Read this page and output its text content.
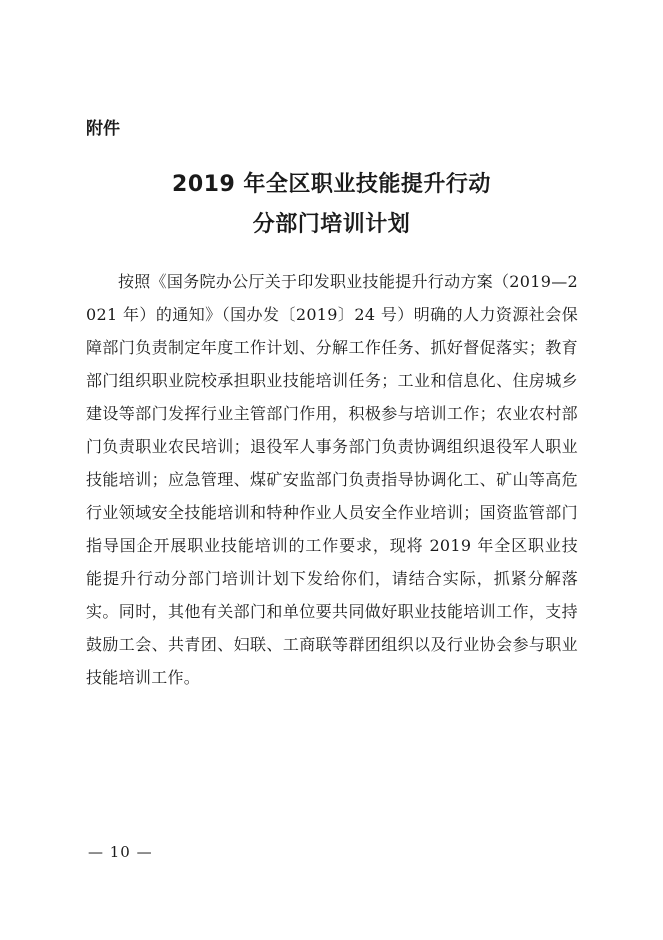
附件
2019 年全区职业技能提升行动
分部门培训计划
按照《国务院办公厅关于印发职业技能提升行动方案（2019—2021 年）的通知》（国办发〔2019〕24 号）明确的人力资源社会保障部门负责制定年度工作计划、分解工作任务、抓好督促落实；教育部门组织职业院校承担职业技能培训任务；工业和信息化、住房城乡建设等部门发挥行业主管部门作用，积极参与培训工作；农业农村部门负责职业农民培训；退役军人事务部门负责协调组织退役军人职业技能培训；应急管理、煤矿安监部门负责指导协调化工、矿山等高危行业领域安全技能培训和特种作业人员安全作业培训；国资监管部门指导国企开展职业技能培训的工作要求，现将 2019 年全区职业技能提升行动分部门培训计划下发给你们，请结合实际，抓紧分解落实。同时，其他有关部门和单位要共同做好职业技能培训工作，支持鼓励工会、共青团、妇联、工商联等群团组织以及行业协会参与职业技能培训工作。
— 10 —
